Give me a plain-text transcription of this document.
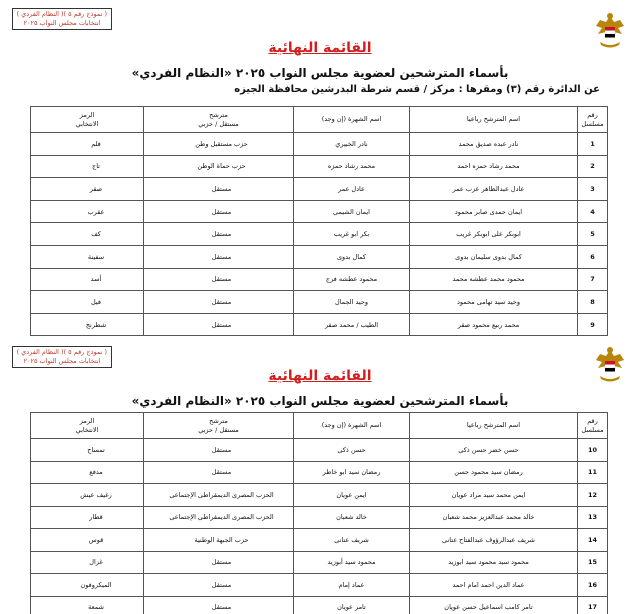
( نموذج رقم ٥ )( النظام الفردي )
انتخابات مجلس النواب ٢٠٢٥
القائمة النهائية
بأسماء المترشحين لعضوية مجلس النواب ٢٠٢٥ «النظام الفردي»
عن الدائرة رقم (٣) ومقرها : مركز / قسم شرطة البدرشين محافظة الجيزه
رقم
مسلسل	اسم المترشح رباعيا	اسم الشهرة (إن وجد)	مترشح
مستقل / حزبي	الرمز
الانتخابي

1	نادر عبده صديق محمد	نادر الخبيري	حزب مستقبل وطن	قلم
2	محمد رشاد حمزه احمد	محمد رشاد حمزه	حزب حماة الوطن	تاج
3	عادل عبدالظاهر عزب عمر	عادل عمر	مستقل	صقر
4	ايمان حمدى صابر محمود	ايمان الشيمى	مستقل	عقرب
5	ابوبكر على ابوبكر غريب	بكر ابو غريب	مستقل	كف
6	كمال بدوى سليمان بدوى	كمال بدوى	مستقل	سفينة
7	محمود محمد عطشه محمد	محمود عطشه فرج	مستقل	أسد
8	وحيد سيد تهامى محمود	وحيد الجمال	مستقل	فيل
9	محمد ربيع محمود صقر	الطيب / محمد صقر	مستقل	شطرنج
( نموذج رقم ٥ )( النظام الفردي )
انتخابات مجلس النواب ٢٠٢٥
القائمة النهائية
بأسماء المترشحين لعضوية مجلس النواب ٢٠٢٥ «النظام الفردي»
رقم
مسلسل	اسم المترشح رباعيا	اسم الشهرة (إن وجد)	مترشح
مستقل / حزبي	الرمز
الانتخابي

10	حسن خضر حسن ذكى	حسن ذكى	مستقل	تمساح
11	رمضان سيد محمود حسن	رمضان سيد ابو خاطر	مستقل	مدفع
12	ايمن محمد سيد مراد عويان	ايمن عويان	الحزب المصرى الديمقراطى الإجتماعى	رغيف عيش
13	خالد محمد عبدالعزيز محمد شعبان	خالد شعبان	الحزب المصرى الديمقراطى الإجتماعى	قطار
14	شريف عبدالرؤوف عبدالفتاح عتانى	شريف عتانى	حزب الجبهة الوطنية	قوس
15	محمود سيد محمود سيد ابوزيد	محمود سيد أبوزيد	مستقل	غزال
16	عماد الدين احمد امام احمد	عماد إمام	مستقل	الميكروفون
17	تامر كامب اسماعيل حسن عويان	تامر عويان	مستقل	شمعة
